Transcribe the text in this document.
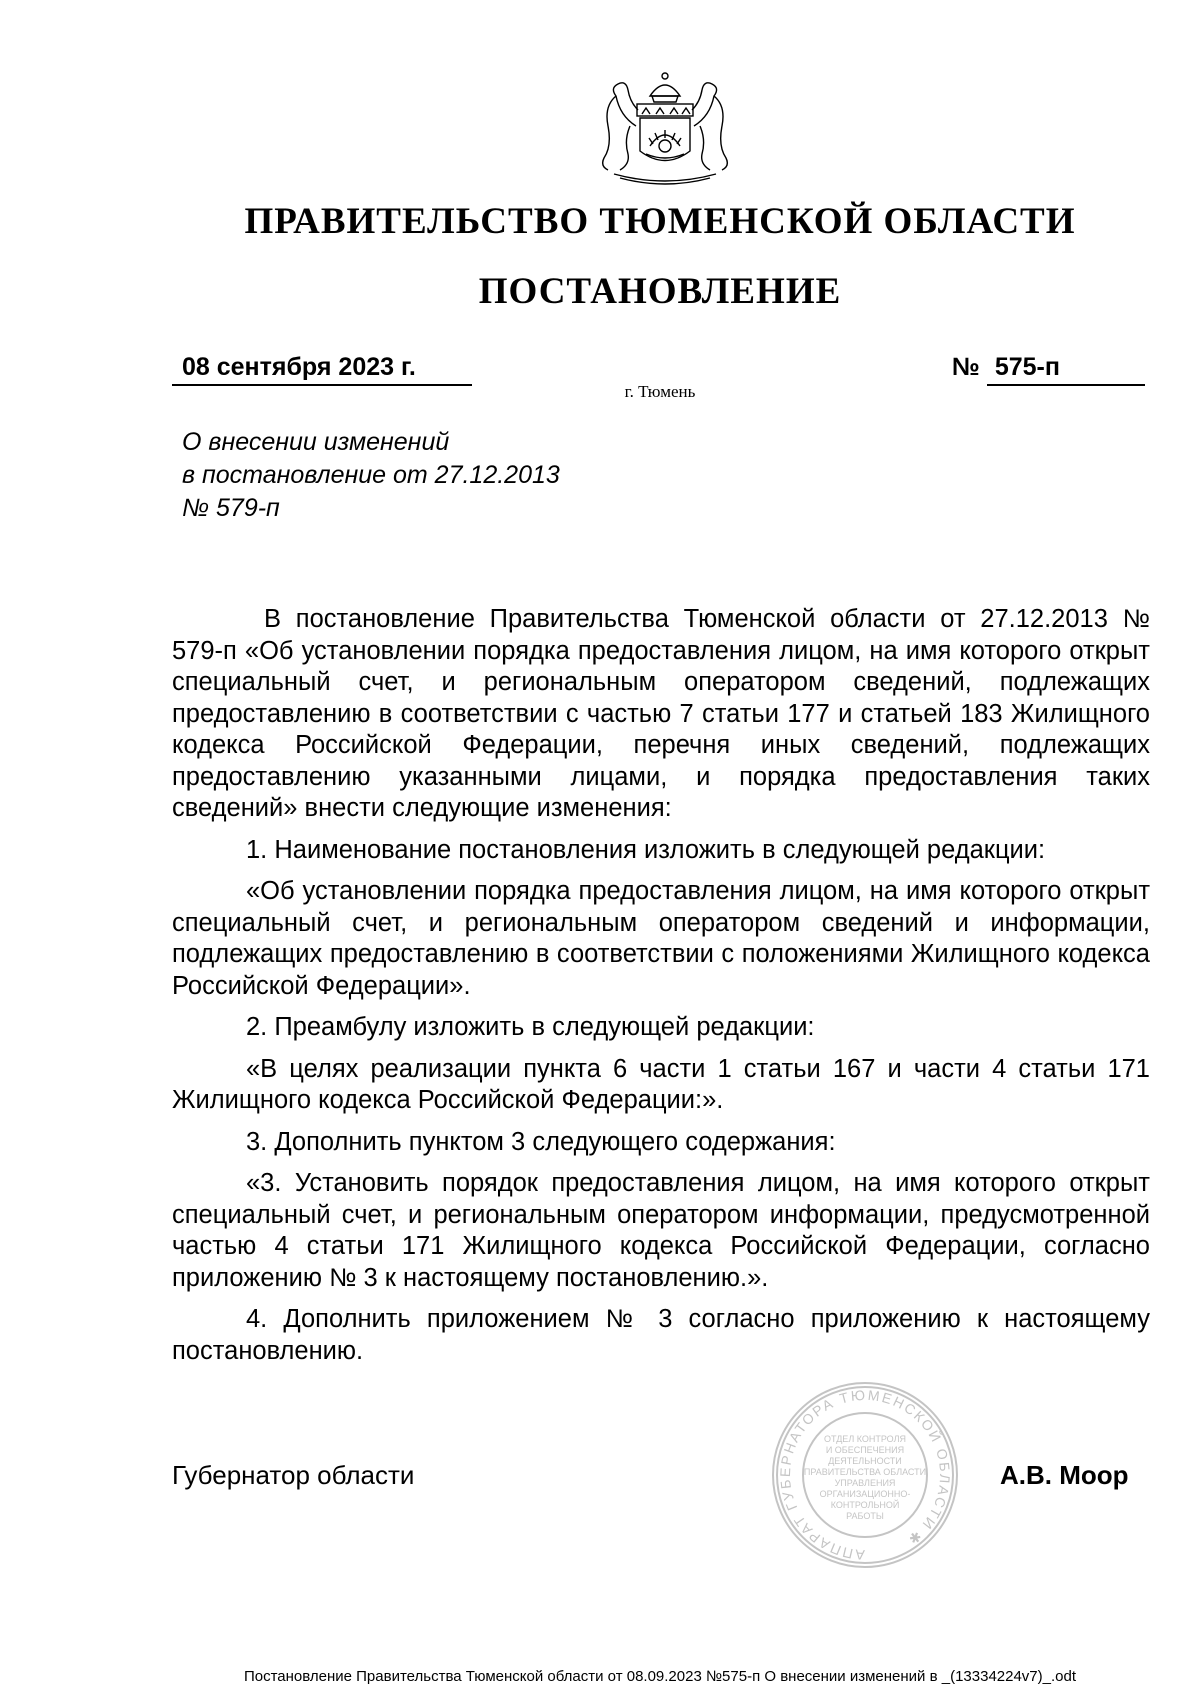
ПРАВИТЕЛЬСТВО ТЮМЕНСКОЙ ОБЛАСТИ
ПОСТАНОВЛЕНИЕ
08 сентября 2023 г.	№ 575-п
г. Тюмень
О внесении изменений
в постановление от 27.12.2013
№ 579-п

В постановление Правительства Тюменской области от 27.12.2013 № 579-п «Об установлении порядка предоставления лицом, на имя которого открыт специальный счет, и региональным оператором сведений, подлежащих предоставлению в соответствии с частью 7 статьи 177 и статьей 183 Жилищного кодекса Российской Федерации, перечня иных сведений, подлежащих предоставлению указанными лицами, и порядка предоставления таких сведений» внести следующие изменения:

1. Наименование постановления изложить в следующей редакции:

«Об установлении порядка предоставления лицом, на имя которого открыт специальный счет, и региональным оператором сведений и информации, подлежащих предоставлению в соответствии с положениями Жилищного кодекса Российской Федерации».

2. Преамбулу изложить в следующей редакции:

«В целях реализации пункта 6 части 1 статьи 167 и части 4 статьи 171 Жилищного кодекса Российской Федерации:».

3. Дополнить пунктом 3 следующего содержания:

«3. Установить порядок предоставления лицом, на имя которого открыт специальный счет, и региональным оператором информации, предусмотренной частью 4 статьи 171 Жилищного кодекса Российской Федерации, согласно приложению № 3 к настоящему постановлению.».

4. Дополнить приложением № 3 согласно приложению к настоящему постановлению.

ОТДЕЛ КОНТРОЛЯ
И ОБЕСПЕЧЕНИЯ
ДЕЯТЕЛЬНОСТИ
ПРАВИТЕЛЬСТВА ОБЛАСТИ
УПРАВЛЕНИЯ
ОРГАНИЗАЦИОННО-
КОНТРОЛЬНОЙ
РАБОТЫ
АППАРАТ ГУБЕРНАТОРА ТЮМЕНСКОЙ ОБЛАСТИ ✱
Губернатор области	А.В. Моор
Постановление Правительства Тюменской области от 08.09.2023 №575-п О внесении изменений в _(13334224v7)_.odt
